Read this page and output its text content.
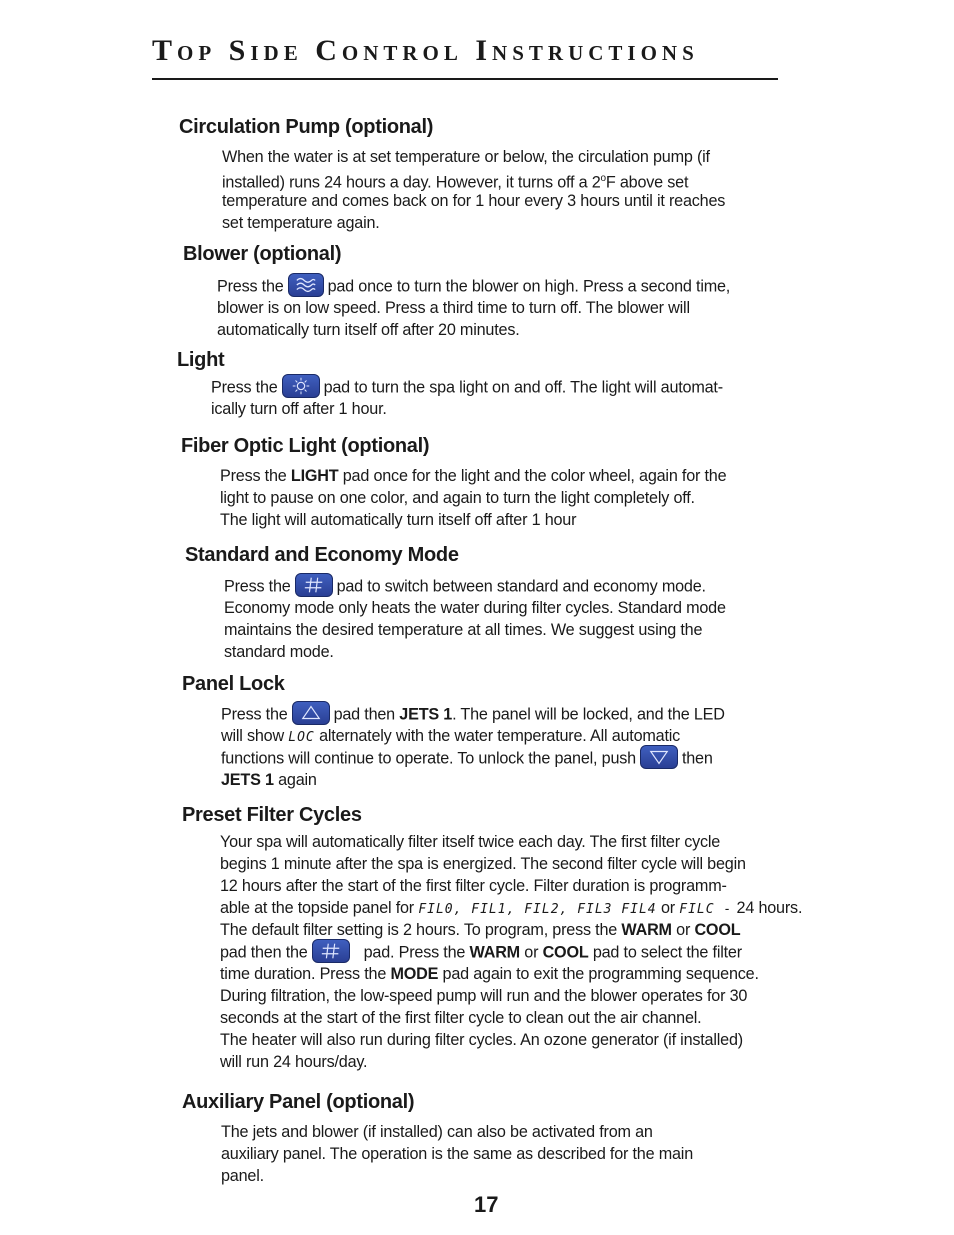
Top Side Control Instructions
Circulation Pump (optional)
When the water is at set temperature or below, the circulation pump (if
installed) runs 24 hours a day. However, it turns off a 2$^o$F above set
temperature and comes back on for 1 hour every 3 hours until it reaches
set temperature again.
Blower (optional)
Press the	pad once to turn the blower on high. Press a second time,
blower is on low speed. Press a third time to turn off. The blower will
automatically turn itself off after 20 minutes.
Light
Press the	pad to turn the spa light on and off. The light will automat-
ically turn off after 1 hour.
Fiber Optic Light (optional)
Press the LIGHT pad once for the light and the color wheel, again for the
light to pause on one color, and again to turn the light completely off.
The light will automatically turn itself off after 1 hour
Standard and Economy Mode
Press the	pad to switch between standard and economy mode.
Economy mode only heats the water during filter cycles. Standard mode
maintains the desired temperature at all times. We suggest using the
standard mode.
Panel Lock
Press the	pad then JETS 1. The panel will be locked, and the LED
will show LOC alternately with the water temperature. All automatic
functions will continue to operate. To unlock the panel, push	then
JETS 1 again
Preset Filter Cycles
Your spa will automatically filter itself twice each day. The first filter cycle
begins 1 minute after the spa is energized. The second filter cycle will begin
12 hours after the start of the first filter cycle. Filter duration is programm-
able at the topside panel for FIL0, FIL1, FIL2, FIL3 FIL4 or FILC - 24 hours.
The default filter setting is 2 hours. To program, press the WARM or COOL
pad then the	pad. Press the WARM or COOL pad to select the filter
time duration. Press the MODE pad again to exit the programming sequence.
During filtration, the low-speed pump will run and the blower operates for 30
seconds at the start of the first filter cycle to clean out the air channel.
The heater will also run during filter cycles. An ozone generator (if installed)
will run 24 hours/day.
Auxiliary Panel (optional)
The jets and blower (if installed) can also be activated from an
auxiliary panel. The operation is the same as described for the main
panel.
17
